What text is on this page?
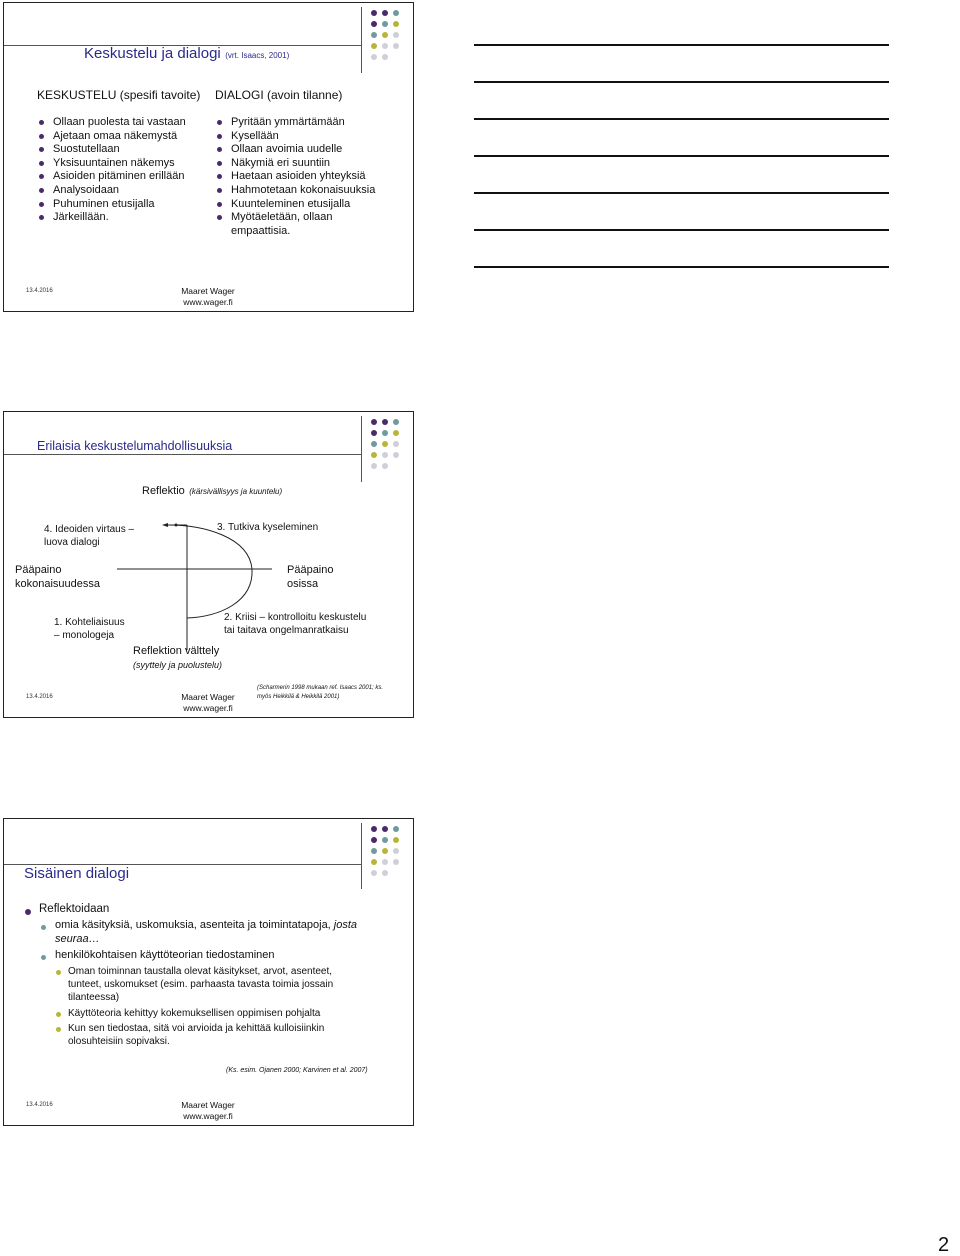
Keskustelu ja dialogi (vrt. Isaacs, 2001)
KESKUSTELU (spesifi tavoite) DIALOGI (avoin tilanne)
Ollaan puolesta tai vastaan
Ajetaan omaa näkemystä
Suostutellaan
Yksisuuntainen näkemys
Asioiden pitäminen erillään
Analysoidaan
Puhuminen etusijalla
Järkeillään.
Pyritään ymmärtämään
Kysellään
Ollaan avoimia uudelle
Näkymiä eri suuntiin
Haetaan asioiden yhteyksiä
Hahmotetaan kokonaisuuksia
Kuunteleminen etusijalla
Myötäeletään, ollaan
empaattisia.
13.4.2016	Maaret Wager
www.wager.fi
Erilaisia keskustelumahdollisuuksia
Reflektio (kärsivällisyys ja kuuntelu)
4. Ideoiden virtaus –
luova dialogi
3. Tutkiva kyseleminen
Pääpaino
kokonaisuudessa
Pääpaino
osissa
1. Kohteliaisuus
– monologeja
2. Kriisi – kontrolloitu keskustelu
tai taitava ongelmanratkaisu
Reflektion välttely
(syyttely ja puolustelu)
(Scharmerin 1998 mukaan ref. Isaacs 2001; ks.
myös Heikkilä & Heikkilä 2001)
13.4.2016	Maaret Wager
www.wager.fi
Sisäinen dialogi
Reflektoidaan
omia käsityksiä, uskomuksia, asenteita ja toimintatapoja, josta
seuraa…
henkilökohtaisen käyttöteorian tiedostaminen
Oman toiminnan taustalla olevat käsitykset, arvot, asenteet,
tunteet, uskomukset (esim. parhaasta tavasta toimia jossain
tilanteessa)
Käyttöteoria kehittyy kokemuksellisen oppimisen pohjalta
Kun sen tiedostaa, sitä voi arvioida ja kehittää kulloisiinkin
olosuhteisiin sopivaksi.
(Ks. esim. Ojanen 2000; Karvinen et al. 2007)
13.4.2016	Maaret Wager
www.wager.fi
2
